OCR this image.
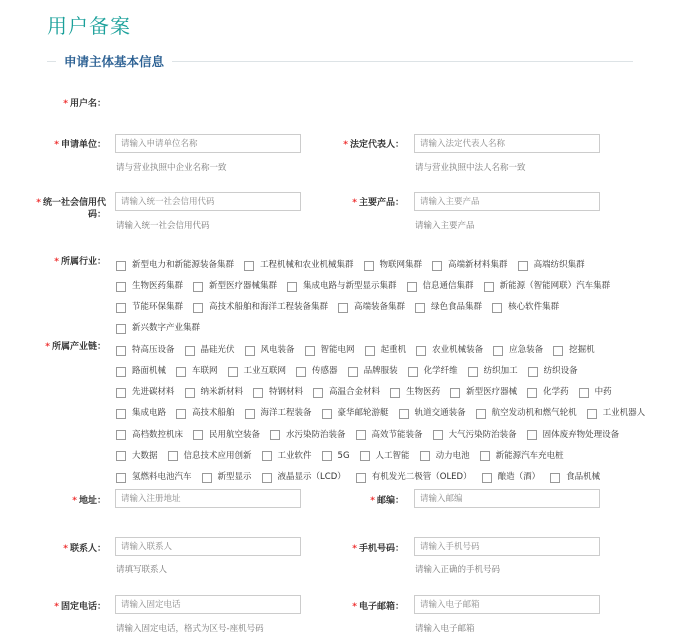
用户备案
申请主体基本信息
* 用户名：
* 申请单位：
请输入申请单位名称
请与营业执照中企业名称一致
* 法定代表人：
请输入法定代表人名称
请与营业执照中法人名称一致
* 统一社会信用代码：
请输入统一社会信用代码
请输入统一社会信用代码
* 主要产品：
请输入主要产品
请输入主要产品
* 所属行业：	新型电力和新能源装备集群	工程机械和农业机械集群	物联网集群	高端新材料集群	高端纺织集群生物医药集群	新型医疗器械集群	集成电路与新型显示集群	信息通信集群	新能源（智能网联）汽车集群节能环保集群	高技术船舶和海洋工程装备集群	高端装备集群	绿色食品集群	核心软件集群新兴数字产业集群
* 所属产业链：	特高压设备	晶硅光伏	风电装备	智能电网	起重机	农业机械装备	应急装备	挖掘机路面机械	车联网	工业互联网	传感器	品牌服装	化学纤维	纺织加工	纺织设备先进碳材料	纳米新材料	特钢材料	高温合金材料	生物医药	新型医疗器械	化学药	中药集成电路	高技术船舶	海洋工程装备	豪华邮轮游艇	轨道交通装备	航空发动机和燃气轮机	工业机器人高档数控机床	民用航空装备	水污染防治装备	高效节能装备	大气污染防治装备	固体废弃物处理设备大数据	信息技术应用创新	工业软件	5G	人工智能	动力电池	新能源汽车充电桩氢燃料电池汽车	新型显示	液晶显示（LCD）	有机发光二极管（OLED）	酿造（酒）	食品机械
* 地址：
请输入注册地址	* 邮编：
请输入邮编
* 联系人：
请输入联系人
请填写联系人
* 手机号码：
请输入手机号码
请输入正确的手机号码
* 固定电话：
请输入固定电话
请输入固定电话，格式为区号-座机号码
* 电子邮箱：
请输入电子邮箱
请输入电子邮箱
